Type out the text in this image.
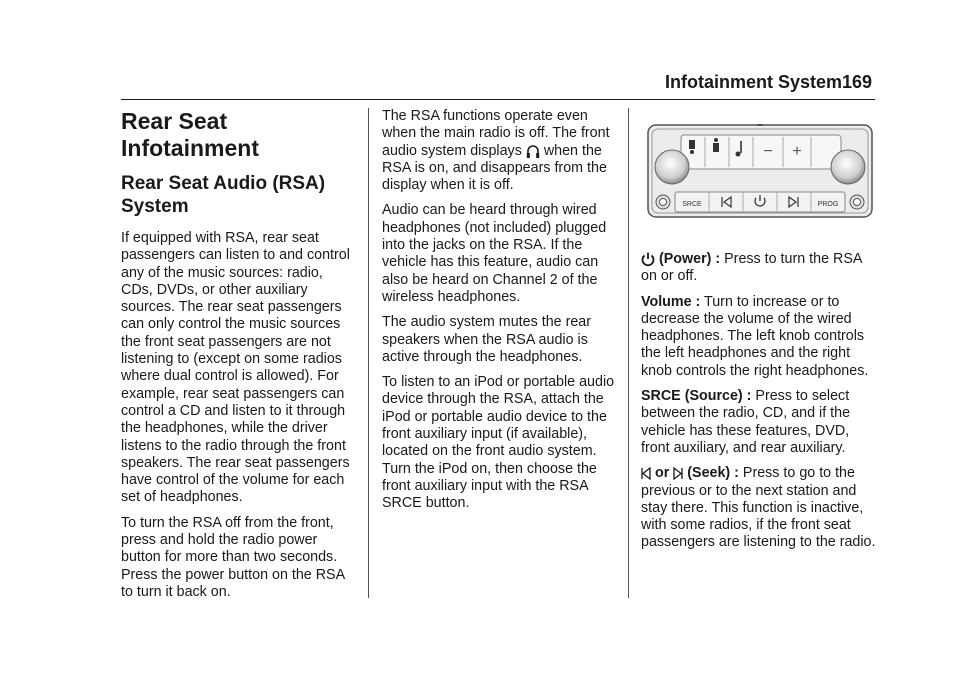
Infotainment System 169
Rear Seat Infotainment
Rear Seat Audio (RSA) System

If equipped with RSA, rear seat passengers can listen to and control any of the music sources: radio, CDs, DVDs, or other auxiliary sources. The rear seat passengers can only control the music sources the front seat passengers are not listening to (except on some radios where dual control is allowed). For example, rear seat passengers can control a CD and listen to it through the headphones, while the driver listens to the radio through the front speakers. The rear seat passengers have control of the volume for each set of headphones.

To turn the RSA off from the front, press and hold the radio power button for more than two seconds. Press the power button on the RSA to turn it back on.

The RSA functions operate even when the main radio is off. The front audio system displays when the RSA is on, and disappears from the display when it is off.

Audio can be heard through wired headphones (not included) plugged into the jacks on the RSA. If the vehicle has this feature, audio can also be heard on Channel 2 of the wireless headphones.

The audio system mutes the rear speakers when the RSA audio is active through the headphones.

To listen to an iPod or portable audio device through the RSA, attach the iPod or portable audio device to the front auxiliary input (if available), located on the front audio system. Turn the iPod on, then choose the front auxiliary input with the RSA SRCE button.

− +
SRCE	PROG

(Power) : Press to turn the RSA on or off.

Volume : Turn to increase or to decrease the volume of the wired headphones. The left knob controls the left headphones and the right knob controls the right headphones.

SRCE (Source) : Press to select between the radio, CD, and if the vehicle has these features, DVD, front auxiliary, and rear auxiliary.

or (Seek) : Press to go to the previous or to the next station and stay there. This function is inactive, with some radios, if the front seat passengers are listening to the radio.
